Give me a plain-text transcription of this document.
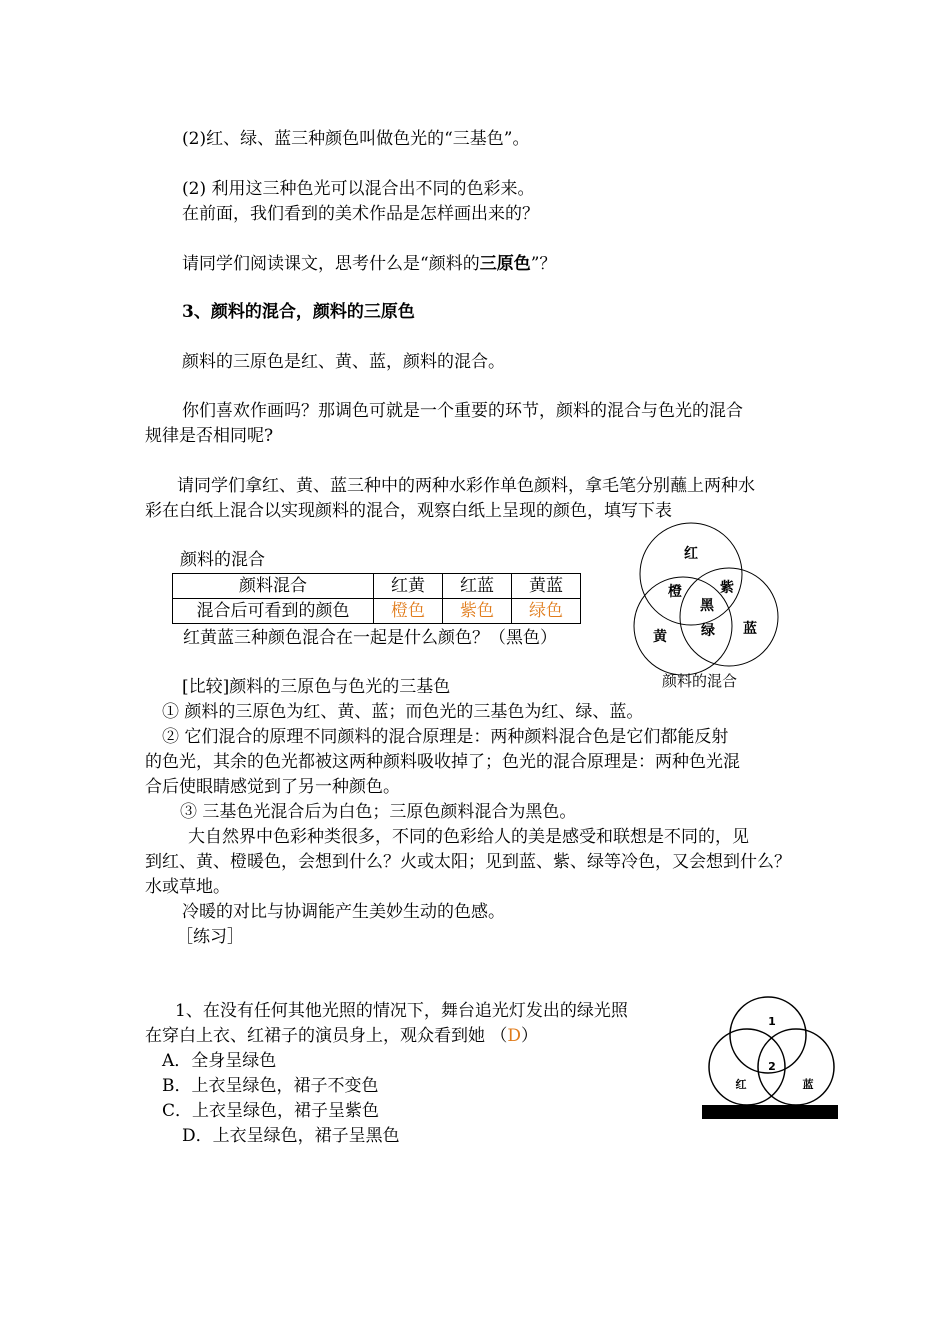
(2)红、绿、蓝三种颜色叫做色光的“三基色”。
(2) 利用这三种色光可以混合出不同的色彩来。
在前面，我们看到的美术作品是怎样画出来的？
请同学们阅读课文，思考什么是“颜料的三原色”？
3、颜料的混合，颜料的三原色
颜料的三原色是红、黄、蓝，颜料的混合。
你们喜欢作画吗？那调色可就是一个重要的环节，颜料的混合与色光的混合
规律是否相同呢?
请同学们拿红、黄、蓝三种中的两种水彩作单色颜料，拿毛笔分别蘸上两种水
彩在白纸上混合以实现颜料的混合，观察白纸上呈现的颜色，填写下表
颜料的混合
颜料混合	红黄	红蓝	黄蓝
混合后可看到的颜色	橙色	紫色	绿色
红黄蓝三种颜色混合在一起是什么颜色？（黑色）
红
橙	紫
黑
绿
黄	蓝
颜料的混合
[比较]颜料的三原色与色光的三基色
① 颜料的三原色为红、黄、蓝；而色光的三基色为红、绿、蓝。
② 它们混合的原理不同颜料的混合原理是：两种颜料混合色是它们都能反射
的色光，其余的色光都被这两种颜料吸收掉了；色光的混合原理是：两种色光混
合后使眼睛感觉到了另一种颜色。
③ 三基色光混合后为白色；三原色颜料混合为黑色。
大自然界中色彩种类很多，不同的色彩给人的美是感受和联想是不同的，见
到红、黄、橙暖色，会想到什么？火或太阳；见到蓝、紫、绿等冷色，又会想到什么？
水或草地。
冷暖的对比与协调能产生美妙生动的色感。
［练习］
1、在没有任何其他光照的情况下，舞台追光灯发出的绿光照
在穿白上衣、红裙子的演员身上，观众看到她 （D）
A．全身呈绿色
B．上衣呈绿色，裙子不变色
C．上衣呈绿色，裙子呈紫色
D．上衣呈绿色，裙子呈黑色
1
2
红	蓝
